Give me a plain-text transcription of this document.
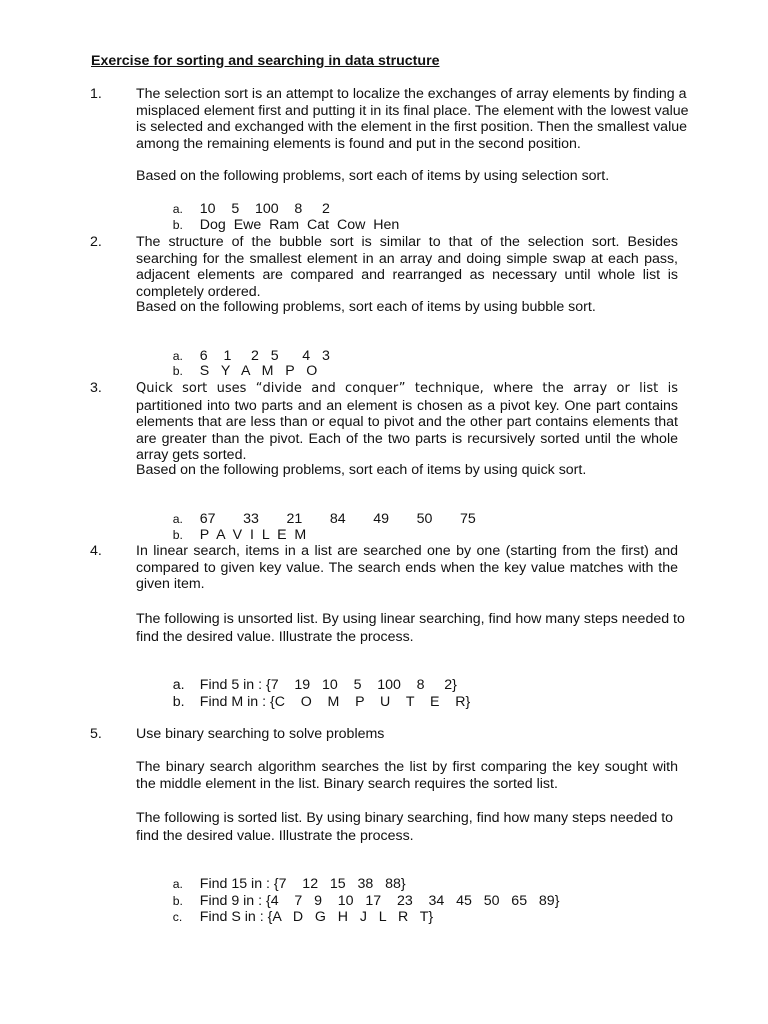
Exercise for sorting and searching in data structure
1. The selection sort is an attempt to localize the exchanges of array elements by finding a
misplaced element first and putting it in its final place. The element with the lowest value
is selected and exchanged with the element in the first position. Then the smallest value
among the remaining elements is found and put in the second position.
Based on the following problems, sort each of items by using selection sort.

a. 10    5    100    8     2

b. Dog  Ewe  Ram  Cat  Cow  Hen

2. The structure of the bubble sort is similar to that of the selection sort. Besides searching for the smallest element in an array and doing simple swap at each pass, adjacent elements are compared and rearranged as necessary until whole list is completely ordered.
Based on the following problems, sort each of items by using bubble sort.

a. 6    1     2   5      4   3

b. S   Y   A   M   P   O

3.	Quick sort uses “divide and conquer” technique, where the array or list is partitioned into two parts and an element is chosen as a pivot key. One part contains elements that are less than or equal to pivot and the other part contains elements that are greater than the pivot. Each of the two parts is recursively sorted until the whole array gets sorted.
Based on the following problems, sort each of items by using quick sort.

a. 67       33       21       84       49       50       75

b. P  A  V  I  L  E  M

4. In linear search, items in a list are searched one by one (starting from the first) and compared to given key value. The search ends when the key value matches with the given item.
The following is unsorted list. By using linear searching, find how many steps needed to
find the desired value. Illustrate the process.

a. Find 5 in : {7    19   10    5    100    8     2}

b. Find M in : {C    O    M    P    U    T    E    R}

5. Use binary searching to solve problems
The binary search algorithm searches the list by first comparing the key sought with the middle element in the list. Binary search requires the sorted list.
The following is sorted list. By using binary searching, find how many steps needed to
find the desired value. Illustrate the process.

a. Find 15 in : {7    12   15   38   88}

b. Find 9 in : {4    7   9    10   17    23    34   45   50   65   89}

c. Find S in : {A   D   G   H   J   L   R   T}
